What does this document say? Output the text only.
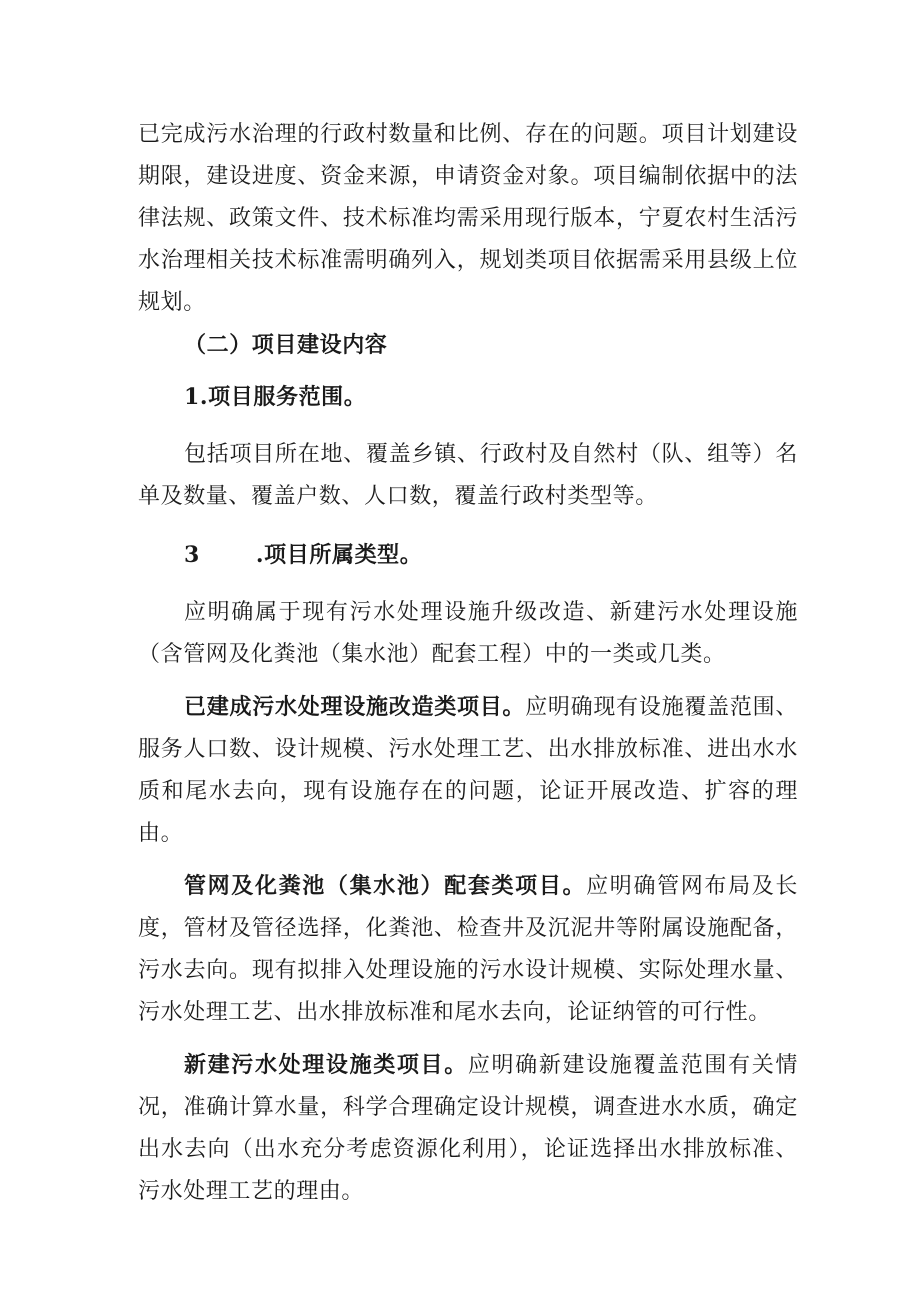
已完成污水治理的行政村数量和比例、存在的问题。项目计划建设期限，建设进度、资金来源，申请资金对象。项目编制依据中的法律法规、政策文件、技术标准均需采用现行版本，宁夏农村生活污水治理相关技术标准需明确列入，规划类项目依据需采用县级上位规划。

（二）项目建设内容

1.项目服务范围。

包括项目所在地、覆盖乡镇、行政村及自然村（队、组等）名单及数量、覆盖户数、人口数，覆盖行政村类型等。

3	.项目所属类型。

应明确属于现有污水处理设施升级改造、新建污水处理设施（含管网及化粪池（集水池）配套工程）中的一类或几类。

已建成污水处理设施改造类项目。应明确现有设施覆盖范围、服务人口数、设计规模、污水处理工艺、出水排放标准、进出水水质和尾水去向，现有设施存在的问题，论证开展改造、扩容的理由。

管网及化粪池（集水池）配套类项目。应明确管网布局及长度，管材及管径选择，化粪池、检查井及沉泥井等附属设施配备，污水去向。现有拟排入处理设施的污水设计规模、实际处理水量、污水处理工艺、出水排放标准和尾水去向，论证纳管的可行性。

新建污水处理设施类项目。应明确新建设施覆盖范围有关情况，准确计算水量，科学合理确定设计规模，调查进水水质，确定出水去向（出水充分考虑资源化利用），论证选择出水排放标准、污水处理工艺的理由。
